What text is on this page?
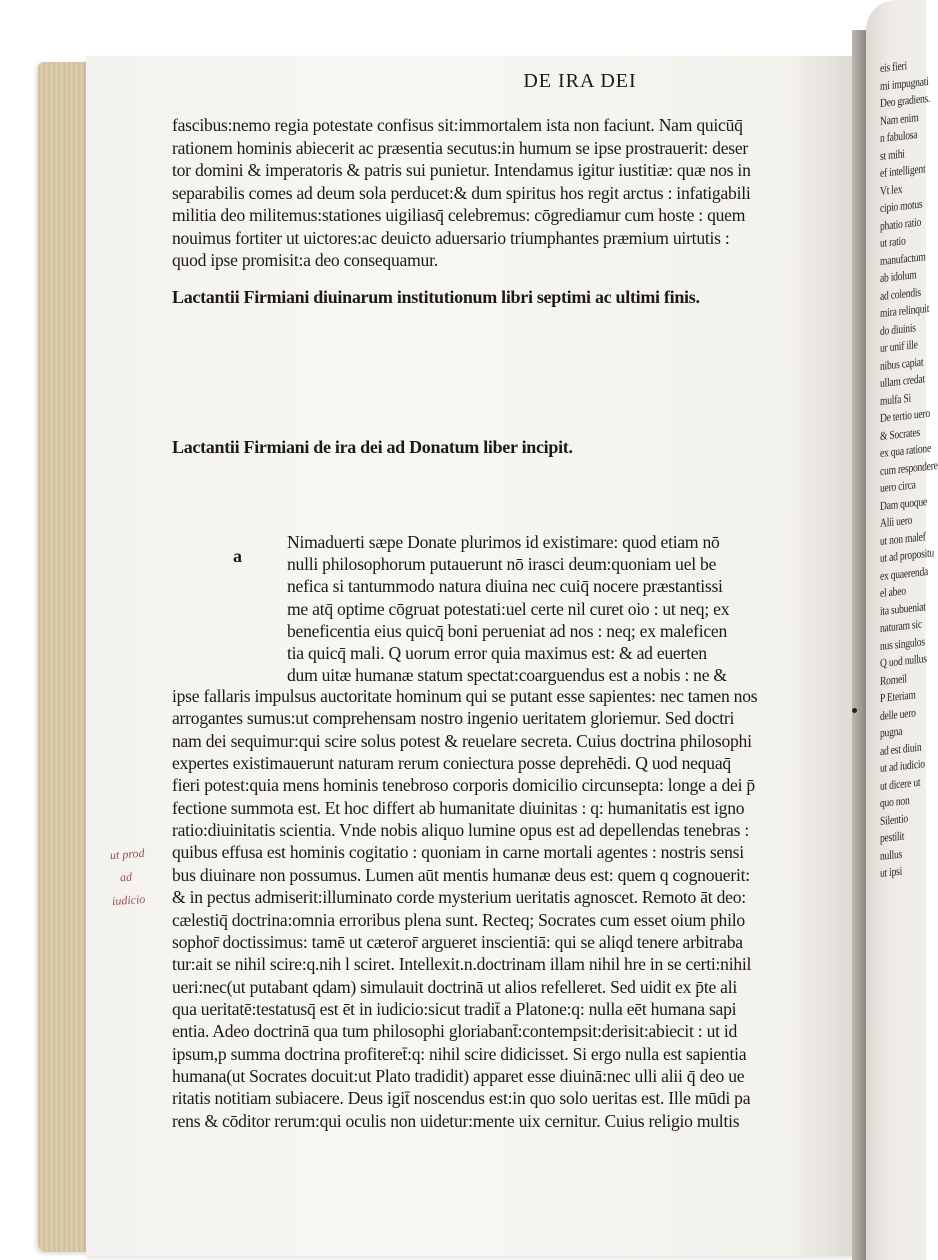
eis fieri
mi impugnati
Deo gradiens.
Nam enim
n fabulosa
st mihi
ef intelligent
Vt lex
cipio motus
phatio ratio
ut ratio
manufactum
ab idolum
ad colendis
mira relinquit
do diuinis
ur unif ille
nibus capiat
ullam credat
mulfa Si
De tertio uero
& Socrates
ex qua ratione
cum respondere
uero circa
Dam quoque
Alii uero
ut non malef
ut ad propositu
ex quaerenda
el abeo
ita subueniat
naturam sic
nus singulos
Q uod nullus
Romeil
P Eteriam
delle uero
pugna
ad est diuin
ut ad iudicio
ut dicere ut
quo non
Silentio
pestilit
nullus
ut ipsi
DE IRA DEI
fascibus:nemo regia potestate confisus sit:immortalem ista non faciunt. Nam quicūq̄
rationem hominis abiecerit ac præsentia secutus:in humum se ipse prostrauerit: deser
tor domini & imperatoris & patris sui punietur. Intendamus igitur iustitiæ: quæ nos in
separabilis comes ad deum sola perducet:& dum spiritus hos regit arctus : infatigabili
militia deo militemus:stationes uigiliasq̄ celebremus: cōgrediamur cum hoste : quem
nouimus fortiter ut uictores:ac deuicto aduersario triumphantes præmium uirtutis :
quod ipse promisit:a deo consequamur.
Lactantii Firmiani diuinarum institutionum libri septimi ac ultimi finis.
Lactantii Firmiani de ira dei ad Donatum liber incipit.
a
Nimaduerti sæpe Donate plurimos id existimare: quod etiam nō
nulli philosophorum putauerunt nō irasci deum:quoniam uel be
nefica si tantummodo natura diuina nec cuiq̄ nocere præstantissi
me atq̄ optime cōgruat potestati:uel certe nil curet oio : ut neq; ex
beneficentia eius quicq̄ boni perueniat ad nos : neq; ex maleficen
tia quicq̄ mali. Q uorum error quia maximus est: & ad euerten
dum uitæ humanæ statum spectat:coarguendus est a nobis : ne &
ipse fallaris impulsus auctoritate hominum qui se putant esse sapientes: nec tamen nos
arrogantes sumus:ut comprehensam nostro ingenio ueritatem gloriemur. Sed doctri
nam dei sequimur:qui scire solus potest & reuelare secreta. Cuius doctrina philosophi
expertes existimauerunt naturam rerum coniectura posse deprehēdi. Q uod nequaq̄
fieri potest:quia mens hominis tenebroso corporis domicilio circunsepta: longe a dei p̄
fectione summota est. Et hoc differt ab humanitate diuinitas : q: humanitatis est igno
ratio:diuinitatis scientia. Vnde nobis aliquo lumine opus est ad depellendas tenebras :
quibus effusa est hominis cogitatio : quoniam in carne mortali agentes : nostris sensi
bus diuinare non possumus. Lumen aūt mentis humanæ deus est: quem q cognouerit:
& in pectus admiserit:illuminato corde mysterium ueritatis agnoscet. Remoto āt deo:
cælestiq̄ doctrina:omnia erroribus plena sunt. Recteq; Socrates cum esset oium philo
sophor̄ doctissimus: tamē ut cæteror̄ argueret inscientiā: qui se aliqd tenere arbitraba
tur:ait se nihil scire:q.nih l sciret. Intellexit.n.doctrinam illam nihil hre in se certi:nihil
ueri:nec(ut putabant qdam) simulauit doctrinā ut alios refelleret. Sed uidit ex p̄te ali
qua ueritatē:testatusq̄ est ēt in iudicio:sicut tradit̄ a Platone:q: nulla eēt humana sapi
entia. Adeo doctrinā qua tum philosophi gloriabant̄:contempsit:derisit:abiecit : ut id
ipsum,p summa doctrina profiteret̄:q: nihil scire didicisset. Si ergo nulla est sapientia
humana(ut Socrates docuit:ut Plato tradidit) apparet esse diuinā:nec ulli alii q̄ deo ue
ritatis notitiam subiacere. Deus igit̄ noscendus est:in quo solo ueritas est. Ille mūdi pa
rens & cōditor rerum:qui oculis non uidetur:mente uix cernitur. Cuius religio multis
ut prod
ad
iudicio
